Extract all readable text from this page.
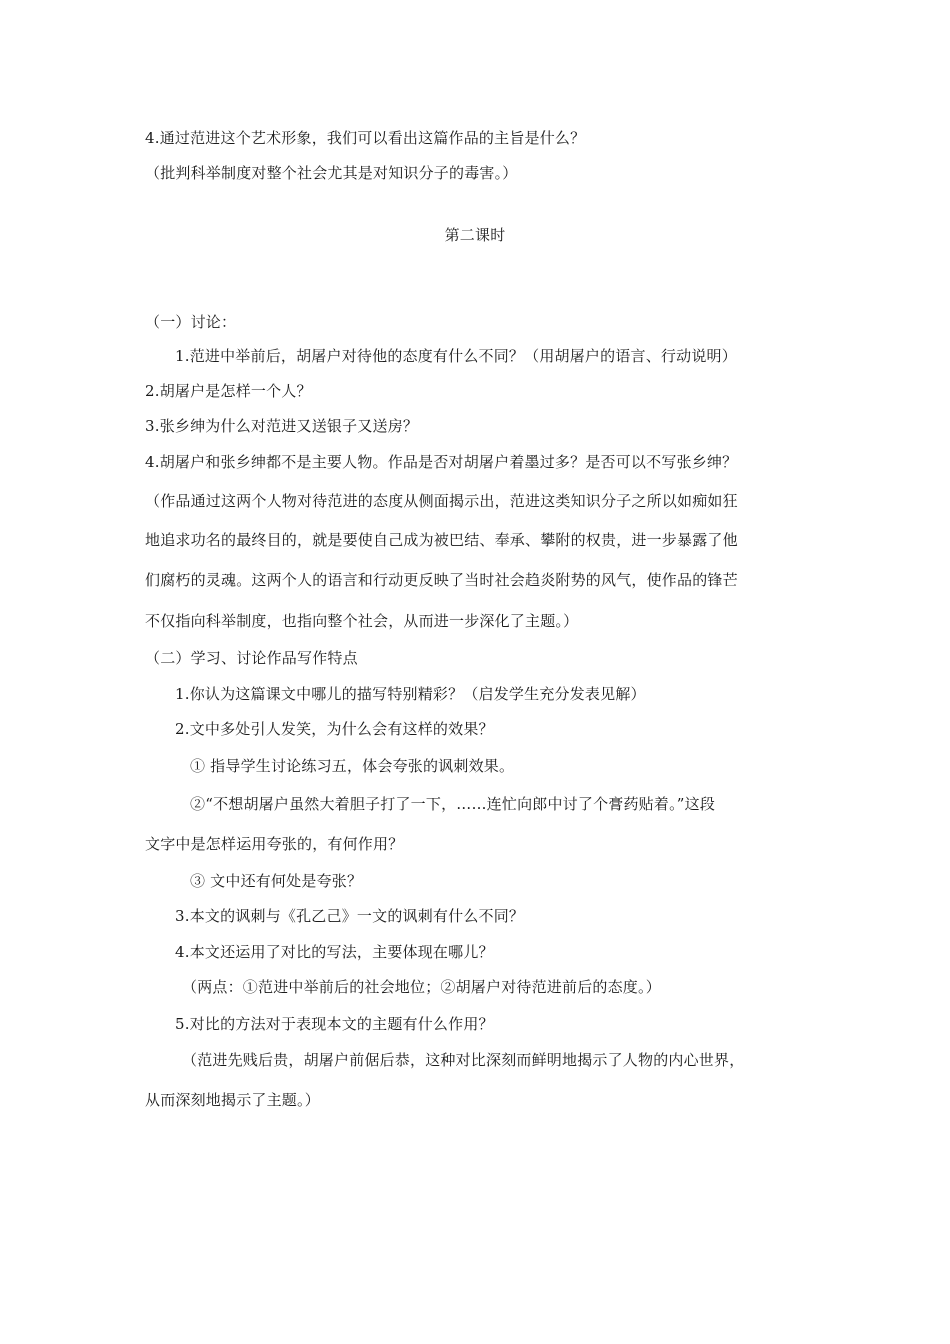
4.通过范进这个艺术形象，我们可以看出这篇作品的主旨是什么？
（批判科举制度对整个社会尤其是对知识分子的毒害。）
第二课时
（一）讨论：
1.范进中举前后，胡屠户对待他的态度有什么不同？（用胡屠户的语言、行动说明）
2.胡屠户是怎样一个人？
3.张乡绅为什么对范进又送银子又送房？
4.胡屠户和张乡绅都不是主要人物。作品是否对胡屠户着墨过多？是否可以不写张乡绅？
（作品通过这两个人物对待范进的态度从侧面揭示出，范进这类知识分子之所以如痴如狂
地追求功名的最终目的，就是要使自己成为被巴结、奉承、攀附的权贵，进一步暴露了他
们腐朽的灵魂。这两个人的语言和行动更反映了当时社会趋炎附势的风气，使作品的锋芒
不仅指向科举制度，也指向整个社会，从而进一步深化了主题。）
（二）学习、讨论作品写作特点
1.你认为这篇课文中哪儿的描写特别精彩？（启发学生充分发表见解）
2.文中多处引人发笑，为什么会有这样的效果？
① 指导学生讨论练习五，体会夸张的讽刺效果。
②“不想胡屠户虽然大着胆子打了一下，……连忙向郎中讨了个膏药贴着。”这段
文字中是怎样运用夸张的，有何作用？
③ 文中还有何处是夸张？
3.本文的讽刺与《孔乙己》一文的讽刺有什么不同？
4.本文还运用了对比的写法，主要体现在哪儿？
（两点：①范进中举前后的社会地位；②胡屠户对待范进前后的态度。）
5.对比的方法对于表现本文的主题有什么作用？
（范进先贱后贵，胡屠户前倨后恭，这种对比深刻而鲜明地揭示了人物的内心世界，
从而深刻地揭示了主题。）
